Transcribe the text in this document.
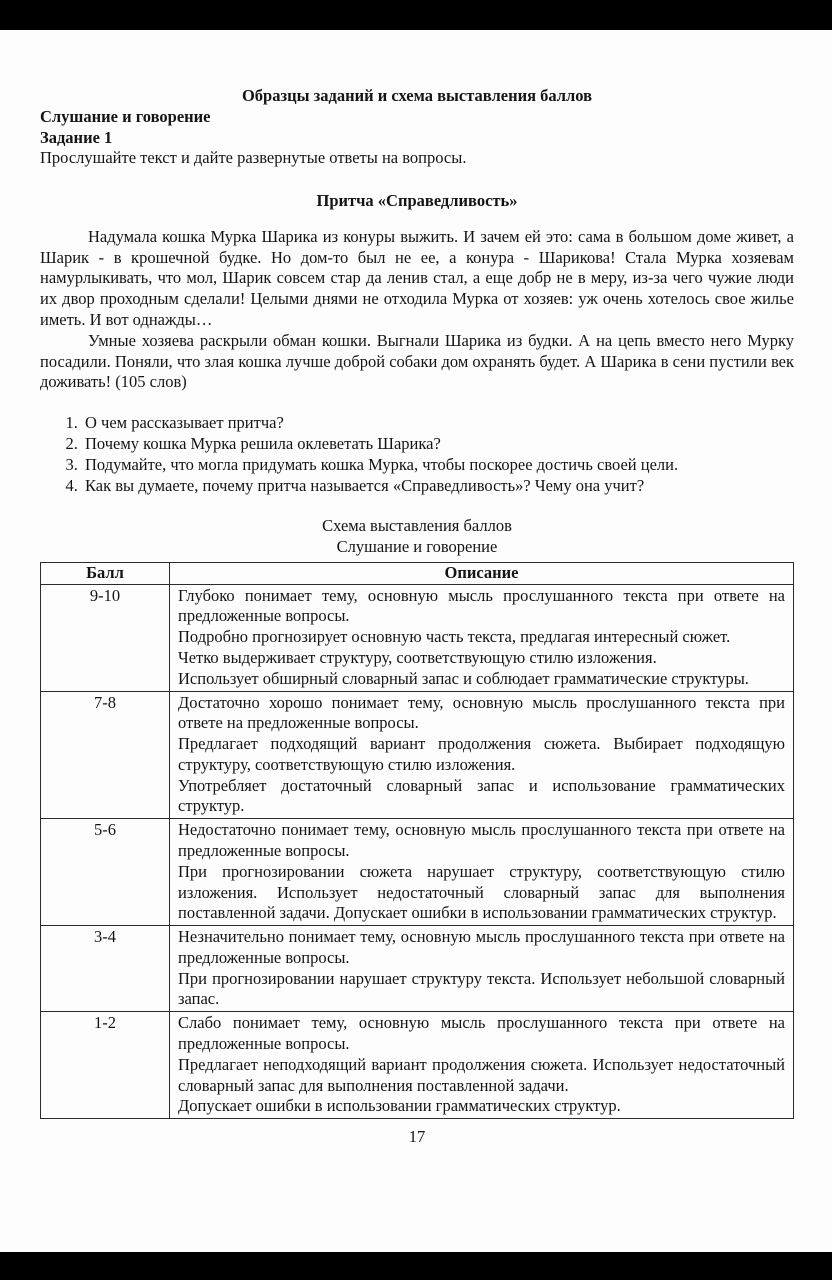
Образцы заданий и схема выставления баллов
Слушание и говорение
Задание 1
Прослушайте текст и дайте развернутые ответы на вопросы.
Притча «Справедливость»

Надумала кошка Мурка Шарика из конуры выжить. И зачем ей это: сама в большом доме живет, а Шарик - в крошечной будке. Но дом-то был не ее, а конура - Шарикова! Стала Мурка хозяевам намурлыкивать, что мол, Шарик совсем стар да ленив стал, а еще добр не в меру, из-за чего чужие люди их двор проходным сделали! Целыми днями не отходила Мурка от хозяев: уж очень хотелось свое жилье иметь. И вот однажды…

Умные хозяева раскрыли обман кошки. Выгнали Шарика из будки. А на цепь вместо него Мурку посадили. Поняли, что злая кошка лучше доброй собаки дом охранять будет. А Шарика в сени пустили век доживать! (105 слов)

1. О чем рассказывает притча?
2. Почему кошка Мурка решила оклеветать Шарика?
3. Подумайте, что могла придумать кошка Мурка, чтобы поскорее достичь своей цели.
4. Как вы думаете, почему притча называется «Справедливость»? Чему она учит?
Схема выставления баллов
Слушание и говорение
Балл	Описание
9-10	Глубоко понимает тему, основную мысль прослушанного текста при ответе на предложенные вопросы.

Подробно прогнозирует основную часть текста, предлагая интересный сюжет.

Четко выдерживает структуру, соответствующую стилю изложения.

Использует обширный словарный запас и соблюдает грамматические структуры.

7-8	Достаточно хорошо понимает тему, основную мысль прослушанного текста при ответе на предложенные вопросы.

Предлагает подходящий вариант продолжения сюжета. Выбирает подходящую структуру, соответствующую стилю изложения.

Употребляет достаточный словарный запас и использование грамматических структур.

5-6	Недостаточно понимает тему, основную мысль прослушанного текста при ответе на предложенные вопросы.

При прогнозировании сюжета нарушает структуру, соответствующую стилю изложения. Использует недостаточный словарный запас для выполнения поставленной задачи. Допускает ошибки в использовании грамматических структур.

3-4	Незначительно понимает тему, основную мысль прослушанного текста при ответе на предложенные вопросы.

При прогнозировании нарушает структуру текста. Использует небольшой словарный запас.

1-2	Слабо понимает тему, основную мысль прослушанного текста при ответе на предложенные вопросы.

Предлагает неподходящий вариант продолжения сюжета. Использует недостаточный словарный запас для выполнения поставленной задачи.

Допускает ошибки в использовании грамматических структур.

17
